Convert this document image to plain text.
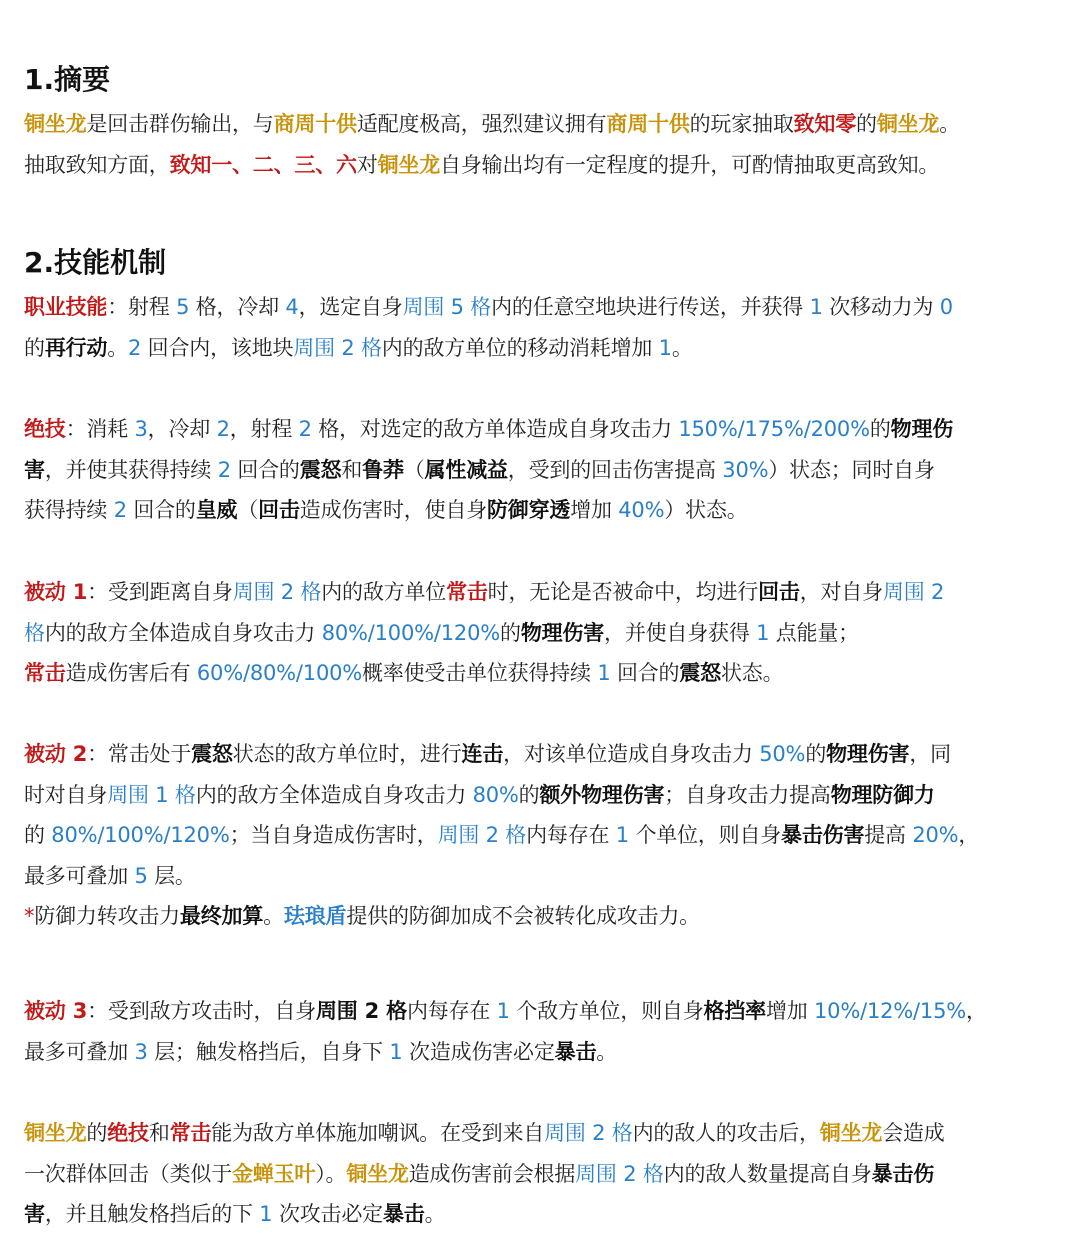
1.摘要
铜坐龙是回击群伤输出，与商周十供适配度极高，强烈建议拥有商周十供的玩家抽取致知零的铜坐龙。
抽取致知方面，致知一、二、三、六对铜坐龙自身输出均有一定程度的提升，可酌情抽取更高致知。
2.技能机制
职业技能：射程 5 格，冷却 4，选定自身周围 5 格内的任意空地块进行传送，并获得 1 次移动力为 0
的再行动。2 回合内，该地块周围 2 格内的敌方单位的移动消耗增加 1。
绝技：消耗 3，冷却 2，射程 2 格，对选定的敌方单体造成自身攻击力 150%/175%/200%的物理伤
害，并使其获得持续 2 回合的震怒和鲁莽（属性减益，受到的回击伤害提高 30%）状态；同时自身
获得持续 2 回合的皇威（回击造成伤害时，使自身防御穿透增加 40%）状态。
被动 1：受到距离自身周围 2 格内的敌方单位常击时，无论是否被命中，均进行回击，对自身周围 2
格内的敌方全体造成自身攻击力 80%/100%/120%的物理伤害，并使自身获得 1 点能量；
常击造成伤害后有 60%/80%/100%概率使受击单位获得持续 1 回合的震怒状态。
被动 2：常击处于震怒状态的敌方单位时，进行连击，对该单位造成自身攻击力 50%的物理伤害，同
时对自身周围 1 格内的敌方全体造成自身攻击力 80%的额外物理伤害；自身攻击力提高物理防御力
的 80%/100%/120%；当自身造成伤害时，周围 2 格内每存在 1 个单位，则自身暴击伤害提高 20%，
最多可叠加 5 层。
*防御力转攻击力最终加算。珐琅盾提供的防御加成不会被转化成攻击力。
被动 3：受到敌方攻击时，自身周围 2 格内每存在 1 个敌方单位，则自身格挡率增加 10%/12%/15%，
最多可叠加 3 层；触发格挡后，自身下 1 次造成伤害必定暴击。
铜坐龙的绝技和常击能为敌方单体施加嘲讽。在受到来自周围 2 格内的敌人的攻击后，铜坐龙会造成
一次群体回击（类似于金蝉玉叶）。铜坐龙造成伤害前会根据周围 2 格内的敌人数量提高自身暴击伤
害，并且触发格挡后的下 1 次攻击必定暴击。
